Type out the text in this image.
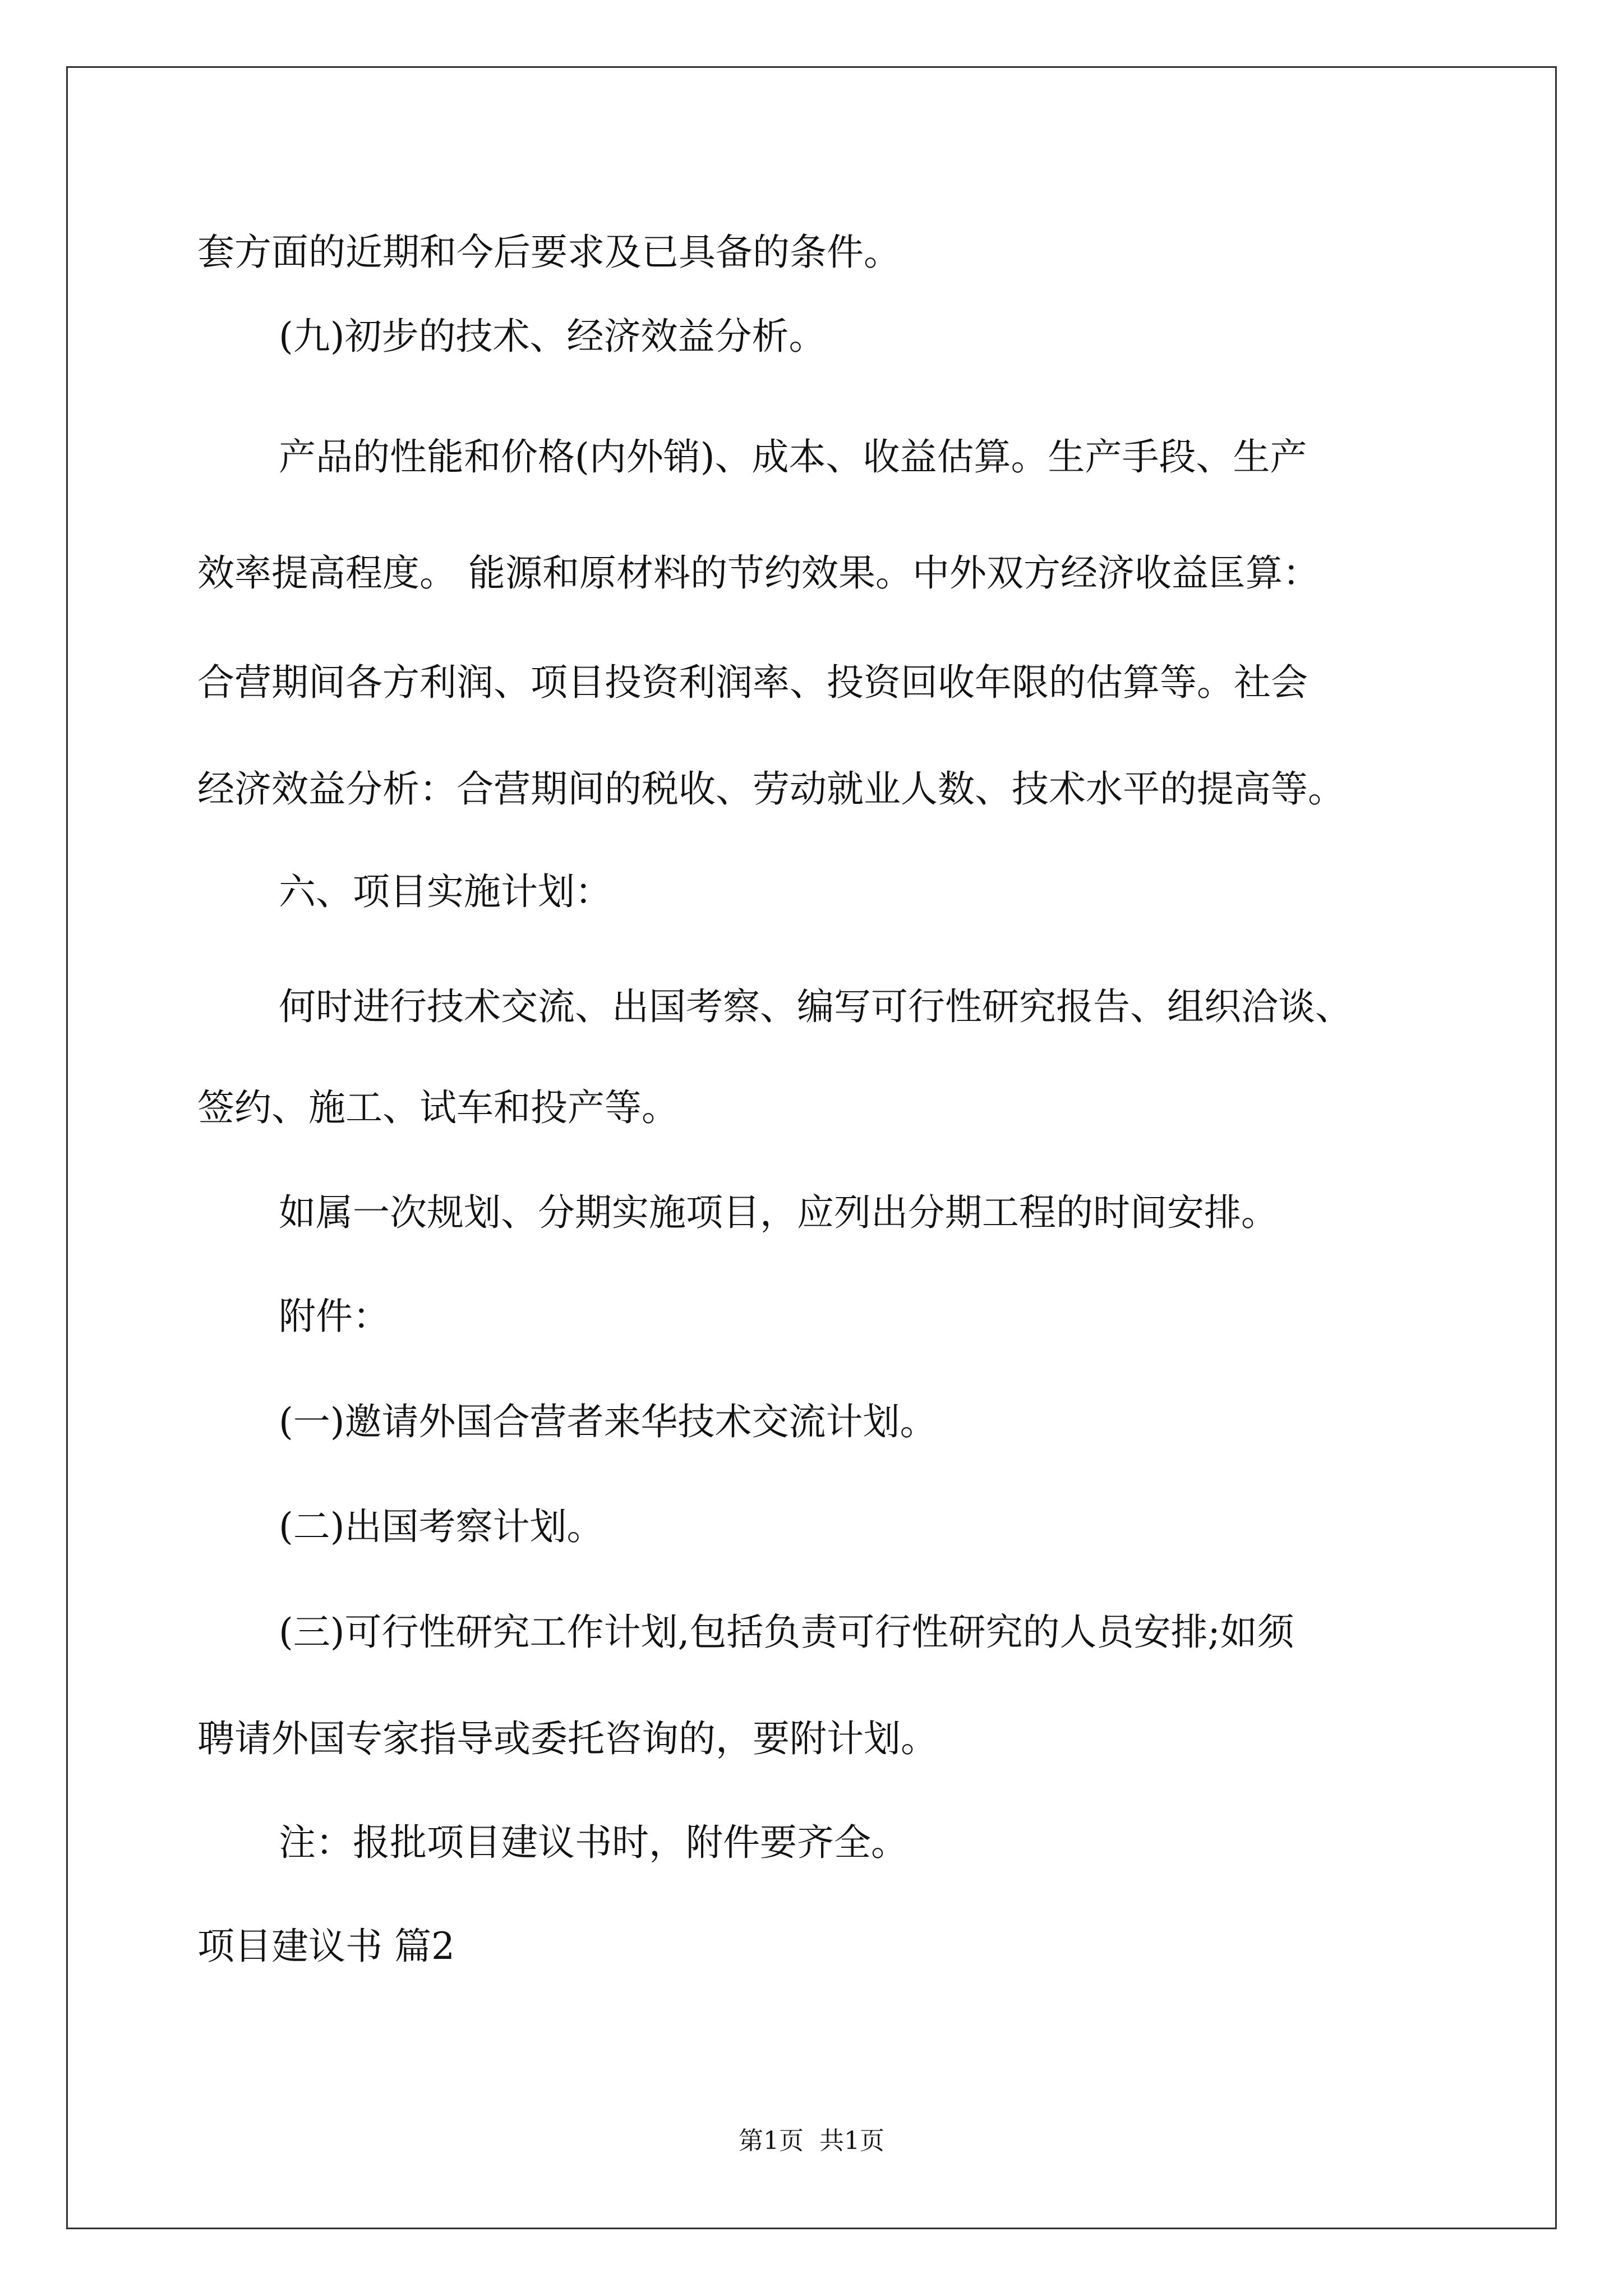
套方面的近期和今后要求及已具备的条件。

(九)初步的技术、经济效益分析。

产品的性能和价格(内外销)、成本、收益估算。生产手段、生产

效率提高程度。 能源和原材料的节约效果。中外双方经济收益匡算：

合营期间各方利润、项目投资利润率、投资回收年限的估算等。社会

经济效益分析：合营期间的税收、劳动就业人数、技术水平的提高等。

六、项目实施计划：

何时进行技术交流、出国考察、编写可行性研究报告、组织洽谈、

签约、施工、试车和投产等。

如属一次规划、分期实施项目，应列出分期工程的时间安排。

附件：

(一)邀请外国合营者来华技术交流计划。

(二)出国考察计划。

(三)可行性研究工作计划,包括负责可行性研究的人员安排;如须

聘请外国专家指导或委托咨询的，要附计划。

注：报批项目建议书时，附件要齐全。

项目建议书 篇2

第1页  共1页
